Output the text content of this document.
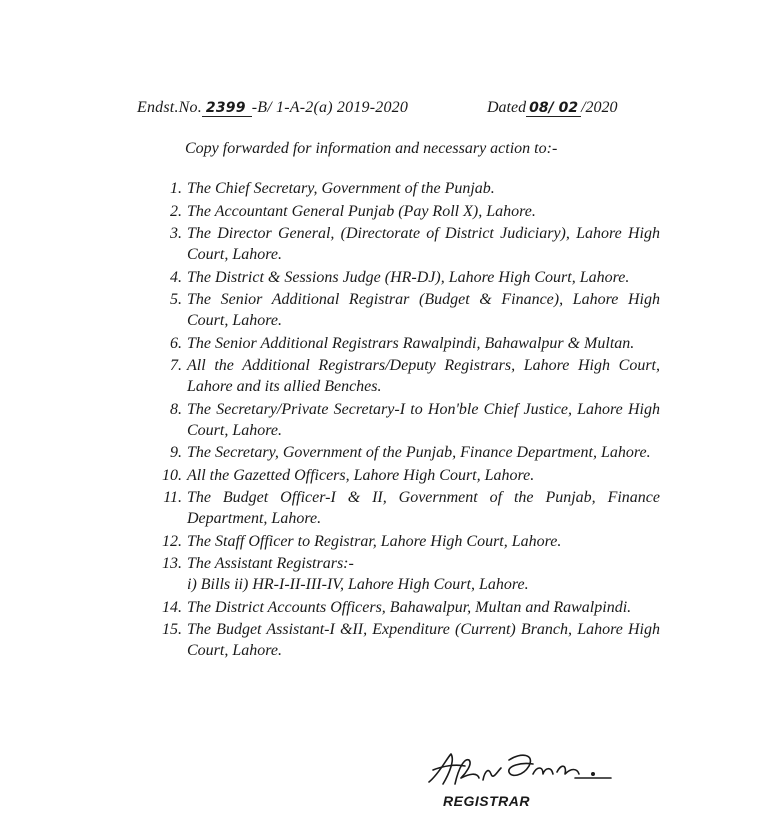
Endst.No. 2399 -B/ 1-A-2(a) 2019-2020	Dated 08/ 02 /2020
Copy forwarded for information and necessary action to:-
1. The Chief Secretary, Government of the Punjab.
2. The Accountant General Punjab (Pay Roll X), Lahore.
3. The Director General, (Directorate of District Judiciary), Lahore High Court, Lahore.
4. The District & Sessions Judge (HR-DJ), Lahore High Court, Lahore.
5. The Senior Additional Registrar (Budget & Finance), Lahore High Court, Lahore.
6. The Senior Additional Registrars Rawalpindi, Bahawalpur & Multan.
7. All the Additional Registrars/Deputy Registrars, Lahore High Court, Lahore and its allied Benches.
8. The Secretary/Private Secretary-I to Hon'ble Chief Justice, Lahore High Court, Lahore.
9. The Secretary, Government of the Punjab, Finance Department, Lahore.
10. All the Gazetted Officers, Lahore High Court, Lahore.
11. The Budget Officer-I & II, Government of the Punjab, Finance Department, Lahore.
12. The Staff Officer to Registrar, Lahore High Court, Lahore.
13. The Assistant Registrars:-
i) Bills ii) HR-I-II-III-IV, Lahore High Court, Lahore.
14. The District Accounts Officers, Bahawalpur, Multan and Rawalpindi.
15. The Budget Assistant-I &II, Expenditure (Current) Branch, Lahore High Court, Lahore.
REGISTRAR
